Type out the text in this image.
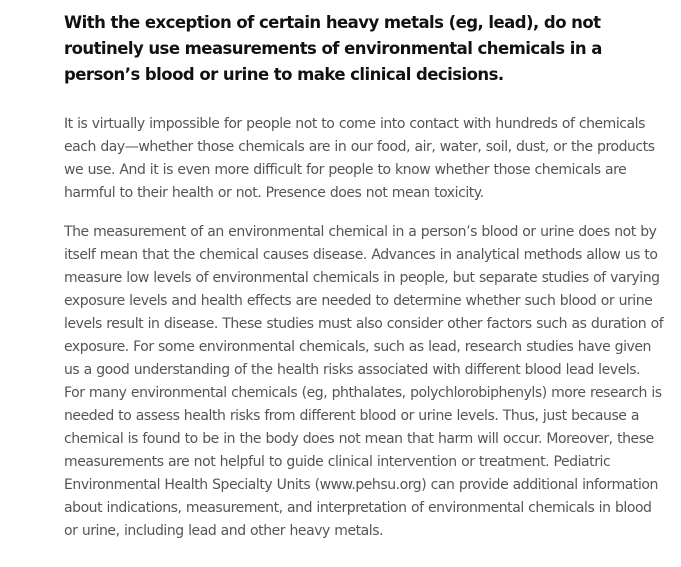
With the exception of certain heavy metals (eg, lead), do not routinely use measurements of environmental chemicals in a person’s blood or urine to make clinical decisions.

It is virtually impossible for people not to come into contact with hundreds of chemicals each day—whether those chemicals are in our food, air, water, soil, dust, or the products we use. And it is even more difficult for people to know whether those chemicals are harmful to their health or not. Presence does not mean toxicity.

The measurement of an environmental chemical in a person’s blood or urine does not by itself mean that the chemical causes disease. Advances in analytical methods allow us to measure low levels of environmental chemicals in people, but separate studies of varying exposure levels and health effects are needed to determine whether such blood or urine levels result in disease. These studies must also consider other factors such as duration of exposure. For some environmental chemicals, such as lead, research studies have given us a good understanding of the health risks associated with different blood lead levels. For many environmental chemicals (eg, phthalates, polychlorobiphenyls) more research is needed to assess health risks from different blood or urine levels. Thus, just because a chemical is found to be in the body does not mean that harm will occur. Moreover, these measurements are not helpful to guide clinical intervention or treatment. Pediatric Environmental Health Specialty Units (www.pehsu.org) can provide additional information about indications, measurement, and interpretation of environmental chemicals in blood or urine, including lead and other heavy metals.
